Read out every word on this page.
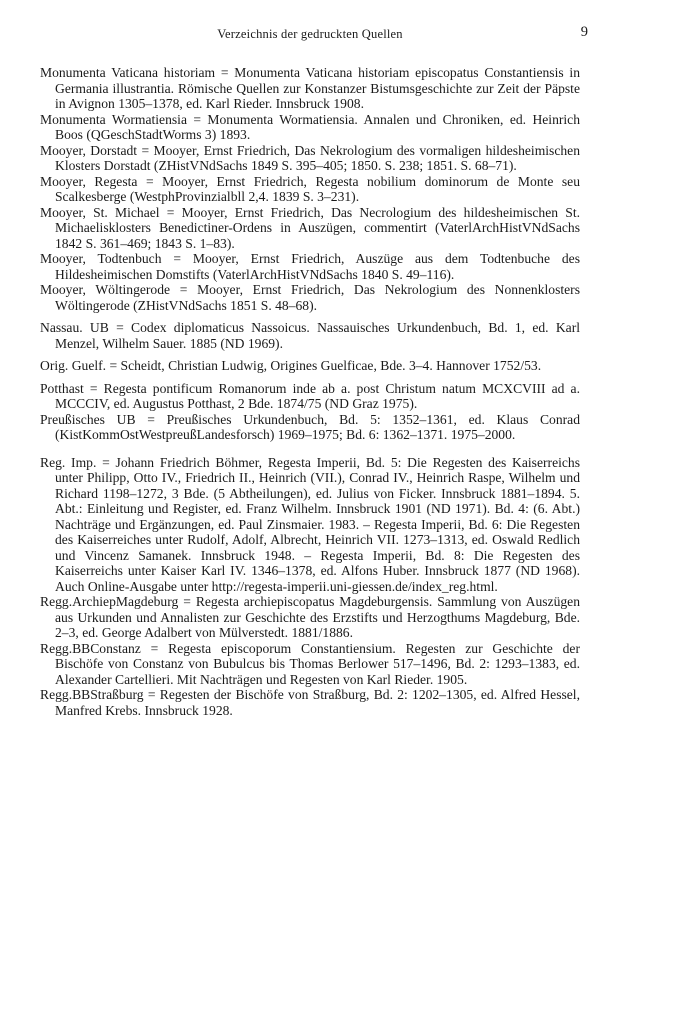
Verzeichnis der gedruckten Quellen	9

Monumenta Vaticana historiam = Monumenta Vaticana historiam episcopatus Constantiensis in Germania illustrantia. Römische Quellen zur Konstanzer Bistumsgeschichte zur Zeit der Päpste in Avignon 1305–1378, ed. Karl Rieder. Innsbruck 1908.

Monumenta Wormatiensia = Monumenta Wormatiensia. Annalen und Chroniken, ed. Heinrich Boos (QGeschStadtWorms 3) 1893.

Mooyer, Dorstadt = Mooyer, Ernst Friedrich, Das Nekrologium des vormaligen hildesheimischen Klosters Dorstadt (ZHistVNdSachs 1849 S. 395–405; 1850. S. 238; 1851. S. 68–71).

Mooyer, Regesta = Mooyer, Ernst Friedrich, Regesta nobilium dominorum de Monte seu Scalkesberge (WestphProvinzialbll 2,4. 1839 S. 3–231).

Mooyer, St. Michael = Mooyer, Ernst Friedrich, Das Necrologium des hildesheimischen St. Michaelisklosters Benedictiner-Ordens in Auszügen, commentirt (VaterlArchHistVNdSachs 1842 S. 361–469; 1843 S. 1–83).

Mooyer, Todtenbuch = Mooyer, Ernst Friedrich, Auszüge aus dem Todtenbuche des Hildesheimischen Domstifts (VaterlArchHistVNdSachs 1840 S. 49–116).

Mooyer, Wöltingerode = Mooyer, Ernst Friedrich, Das Nekrologium des Nonnenklosters Wöltingerode (ZHistVNdSachs 1851 S. 48–68).

Nassau. UB = Codex diplomaticus Nassoicus. Nassauisches Urkundenbuch, Bd. 1, ed. Karl Menzel, Wilhelm Sauer. 1885 (ND 1969).

Orig. Guelf. = Scheidt, Christian Ludwig, Origines Guelficae, Bde. 3–4. Hannover 1752/53.

Potthast = Regesta pontificum Romanorum inde ab a. post Christum natum MCXCVIII ad a. MCCCIV, ed. Augustus Potthast, 2 Bde. 1874/75 (ND Graz 1975).

Preußisches UB = Preußisches Urkundenbuch, Bd. 5: 1352–1361, ed. Klaus Conrad (KistKommOstWestpreußLandesforsch) 1969–1975; Bd. 6: 1362–1371. 1975–2000.

Reg. Imp. = Johann Friedrich Böhmer, Regesta Imperii, Bd. 5: Die Regesten des Kaiserreichs unter Philipp, Otto IV., Friedrich II., Heinrich (VII.), Conrad IV., Heinrich Raspe, Wilhelm und Richard 1198–1272, 3 Bde. (5 Abtheilungen), ed. Julius von Ficker. Innsbruck 1881–1894. 5. Abt.: Einleitung und Register, ed. Franz Wilhelm. Innsbruck 1901 (ND 1971). Bd. 4: (6. Abt.) Nachträge und Ergänzungen, ed. Paul Zinsmaier. 1983. – Regesta Imperii, Bd. 6: Die Regesten des Kaiserreiches unter Rudolf, Adolf, Albrecht, Heinrich VII. 1273–1313, ed. Oswald Redlich und Vincenz Samanek. Innsbruck 1948. – Regesta Imperii, Bd. 8: Die Regesten des Kaiserreichs unter Kaiser Karl IV. 1346–1378, ed. Alfons Huber. Innsbruck 1877 (ND 1968). Auch Online-Ausgabe unter http://regesta-imperii.uni-giessen.de/index_reg.html.

Regg.ArchiepMagdeburg = Regesta archiepiscopatus Magdeburgensis. Sammlung von Auszügen aus Urkunden und Annalisten zur Geschichte des Erzstifts und Herzogthums Magdeburg, Bde. 2–3, ed. George Adalbert von Mülverstedt. 1881/1886.

Regg.BBConstanz = Regesta episcoporum Constantiensium. Regesten zur Geschichte der Bischöfe von Constanz von Bubulcus bis Thomas Berlower 517–1496, Bd. 2: 1293–1383, ed. Alexander Cartellieri. Mit Nachträgen und Regesten von Karl Rieder. 1905.

Regg.BBStraßburg = Regesten der Bischöfe von Straßburg, Bd. 2: 1202–1305, ed. Alfred Hessel, Manfred Krebs. Innsbruck 1928.
